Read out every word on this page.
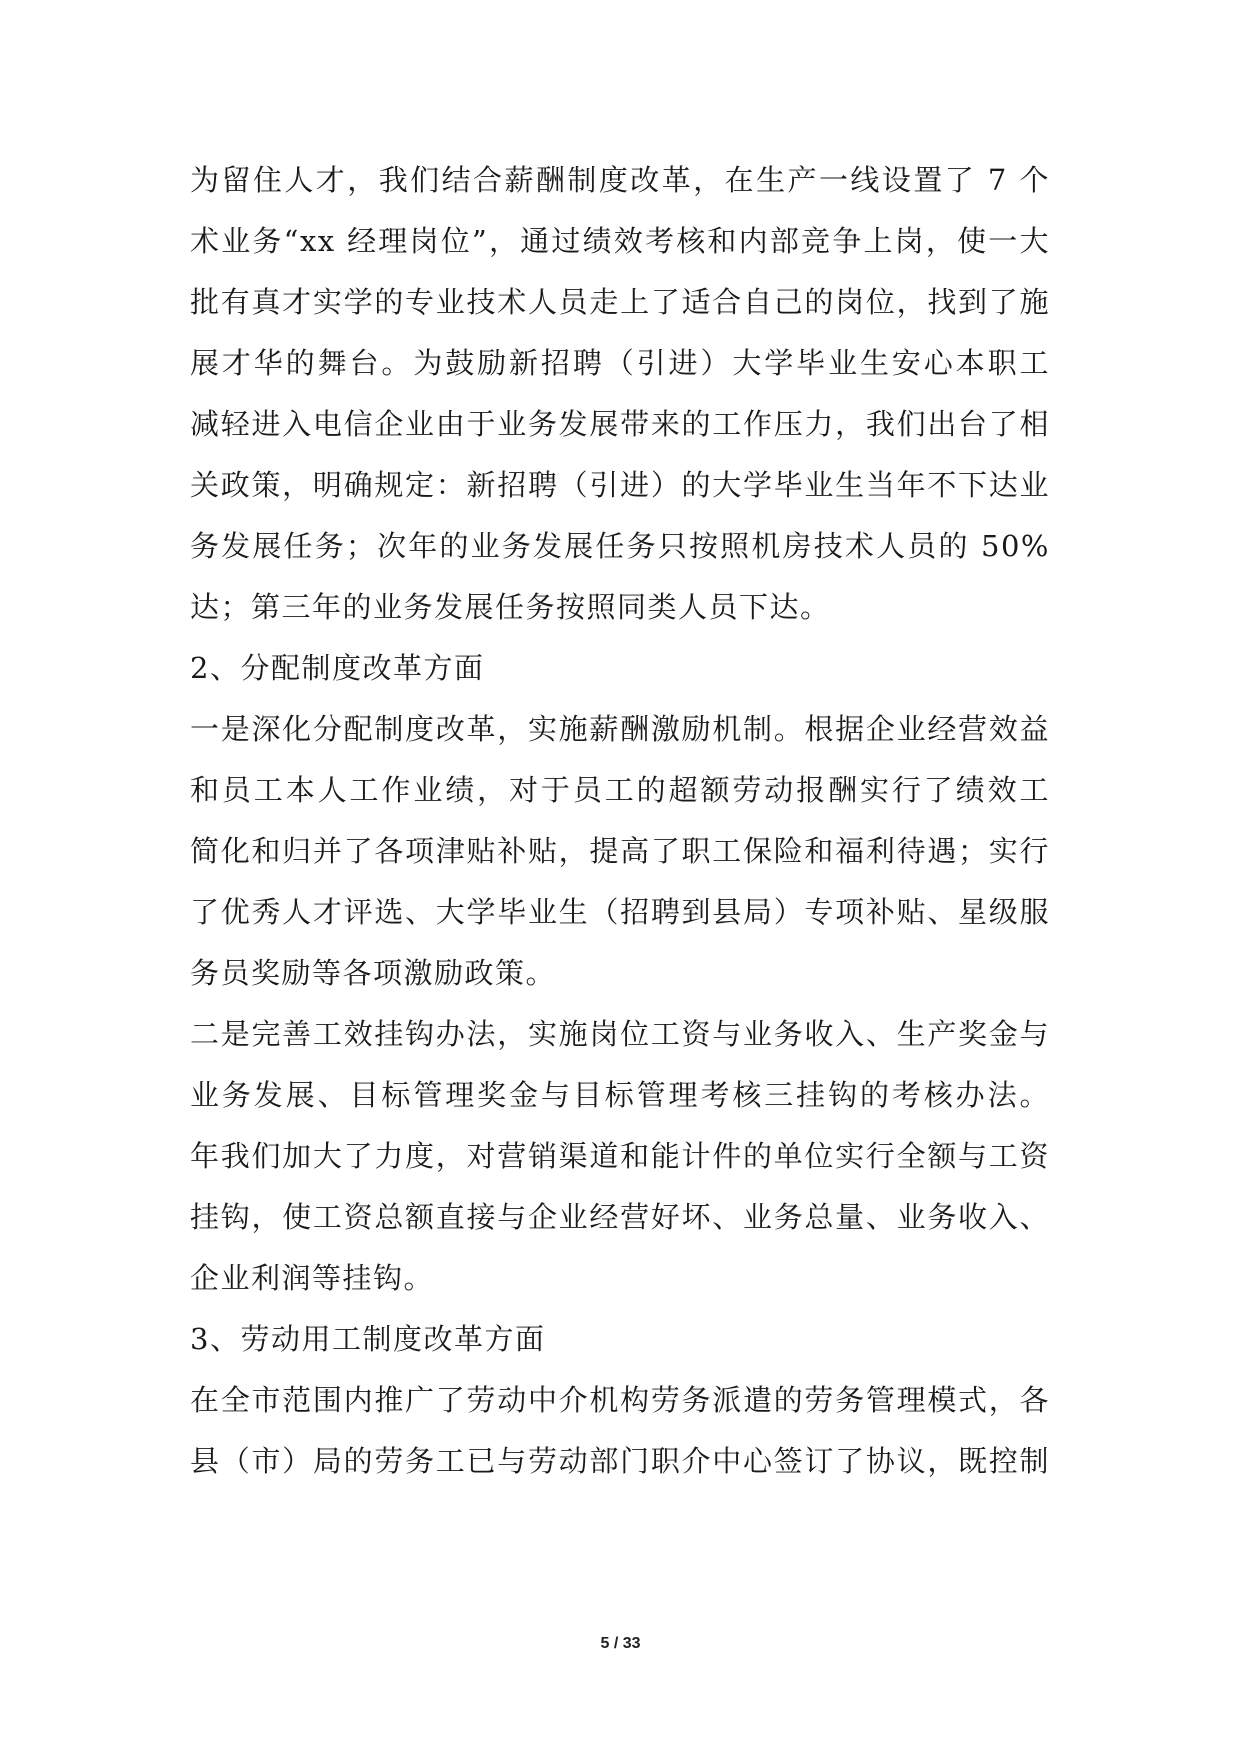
为留住人才，我们结合薪酬制度改革，在生产一线设置了 7 个
术业务“xx 经理岗位”，通过绩效考核和内部竞争上岗，使一大
批有真才实学的专业技术人员走上了适合自己的岗位，找到了施
展才华的舞台。为鼓励新招聘（引进）大学毕业生安心本职工
减轻进入电信企业由于业务发展带来的工作压力，我们出台了相
关政策，明确规定：新招聘（引进）的大学毕业生当年不下达业
务发展任务；次年的业务发展任务只按照机房技术人员的 50%
达；第三年的业务发展任务按照同类人员下达。
2、分配制度改革方面
一是深化分配制度改革，实施薪酬激励机制。根据企业经营效益
和员工本人工作业绩，对于员工的超额劳动报酬实行了绩效工
简化和归并了各项津贴补贴，提高了职工保险和福利待遇；实行
了优秀人才评选、大学毕业生（招聘到县局）专项补贴、星级服
务员奖励等各项激励政策。
二是完善工效挂钩办法，实施岗位工资与业务收入、生产奖金与
业务发展、目标管理奖金与目标管理考核三挂钩的考核办法。
年我们加大了力度，对营销渠道和能计件的单位实行全额与工资
挂钩，使工资总额直接与企业经营好坏、业务总量、业务收入、
企业利润等挂钩。
3、劳动用工制度改革方面
在全市范围内推广了劳动中介机构劳务派遣的劳务管理模式，各
县（市）局的劳务工已与劳动部门职介中心签订了协议，既控制
5 / 33
